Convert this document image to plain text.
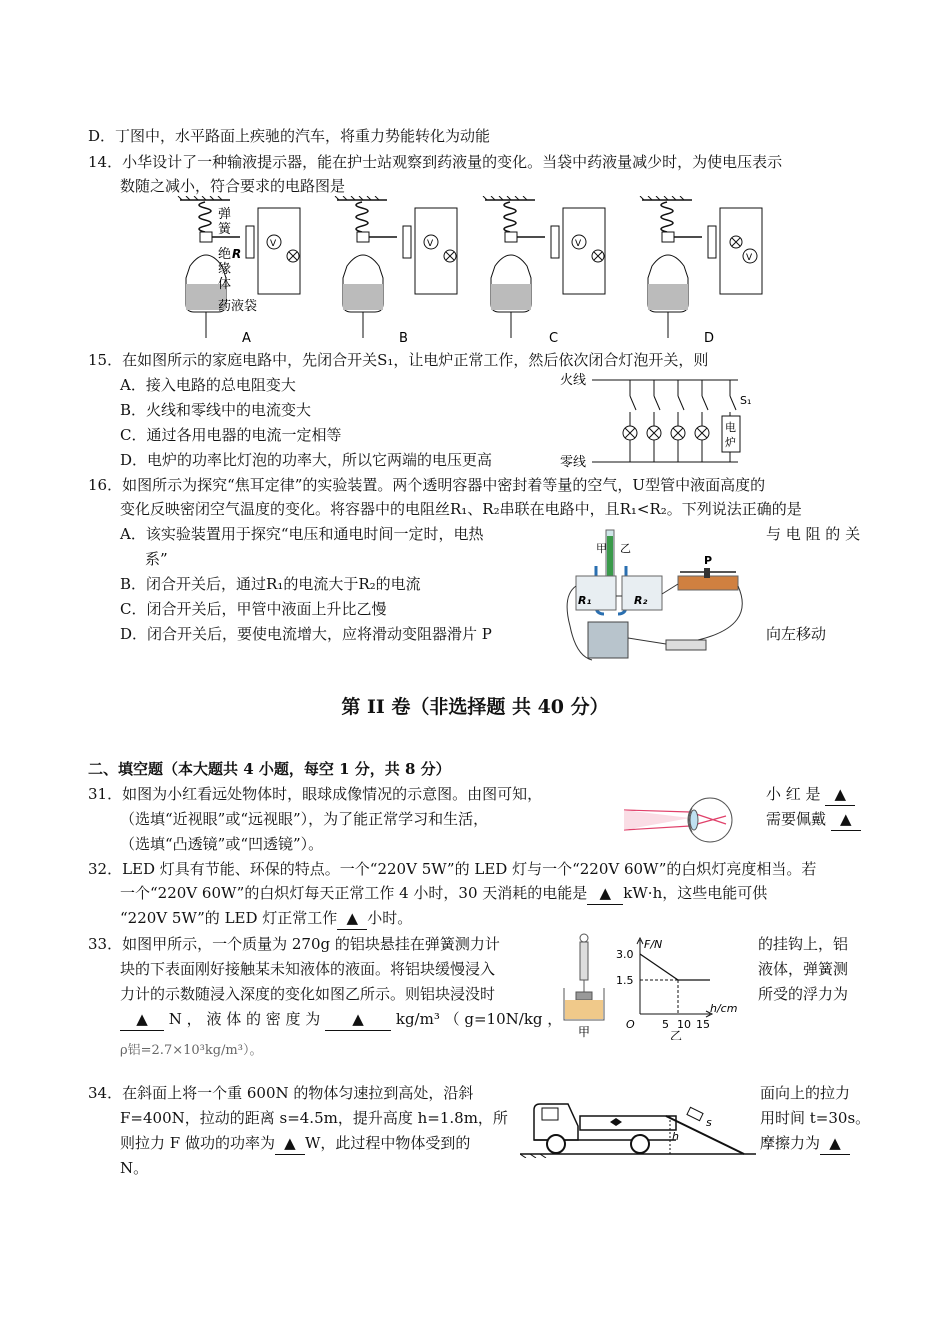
D．丁图中，水平路面上疾驰的汽车，将重力势能转化为动能
14．小华设计了一种输液提示器，能在护士站观察到药液量的变化。当袋中药液量减少时，为使电压表示
数随之减小，符合要求的电路图是
弹
簧
绝
缘
体
药液袋
R
V
A
V
B
V
C
V
D
15．在如图所示的家庭电路中，先闭合开关S₁，让电炉正常工作，然后依次闭合灯泡开关，则
A．接入电路的总电阻变大
B．火线和零线中的电流变大
C．通过各用电器的电流一定相等
D．电炉的功率比灯泡的功率大，所以它两端的电压更高
火线
零线
S₁
电
炉
16．如图所示为探究“焦耳定律”的实验装置。两个透明容器中密封着等量的空气，U型管中液面高度的
变化反映密闭空气温度的变化。将容器中的电阻丝R₁、R₂串联在电路中，且R₁<R₂。下列说法正确的是
A．该实验装置用于探究“电压和通电时间一定时，电热	与 电 阻 的 关
系”
B．闭合开关后，通过R₁的电流大于R₂的电流
C．闭合开关后，甲管中液面上升比乙慢
D．闭合开关后，要使电流增大，应将滑动变阻器滑片 P	向左移动
甲 乙
R₁	R₂
P
第 II 卷（非选择题 共 40 分）
二、填空题（本大题共 4 小题，每空 1 分，共 8 分）
31．如图为小红看远处物体时，眼球成像情况的示意图。由图可知，	小 红 是 ▲
（选填“近视眼”或“远视眼”），为了能正常学习和生活，	需要佩戴 ▲
（选填“凸透镜”或“凹透镜”）。
32．LED 灯具有节能、环保的特点。一个“220V 5W”的 LED 灯与一个“220V 60W”的白炽灯亮度相当。若
一个“220V 60W”的白炽灯每天正常工作 4 小时，30 天消耗的电能是 ▲ kW·h，这些电能可供
“220V 5W”的 LED 灯正常工作 ▲ 小时。
33．如图甲所示，一个质量为 270g 的铝块悬挂在弹簧测力计	的挂钩上，铝
块的下表面刚好接触某未知液体的液面。将铝块缓慢浸入	液体，弹簧测
力计的示数随浸入深度的变化如图乙所示。则铝块浸没时	所受的浮力为
▲ N ， 液 体 的 密 度 为 ▲ kg/m³ （ g=10N/kg ，
ρ铝=2.7×10³kg/m³）。
甲
F/N
3.0
1.5
O 5 10 15
h/cm
乙
34．在斜面上将一个重 600N 的物体匀速拉到高处，沿斜	面向上的拉力
F=400N，拉动的距离 s=4.5m，提升高度 h=1.8m，所	用时间 t=30s。
则拉力 F 做功的功率为 ▲ W，此过程中物体受到的	摩擦力为 ▲
N。
h
s
